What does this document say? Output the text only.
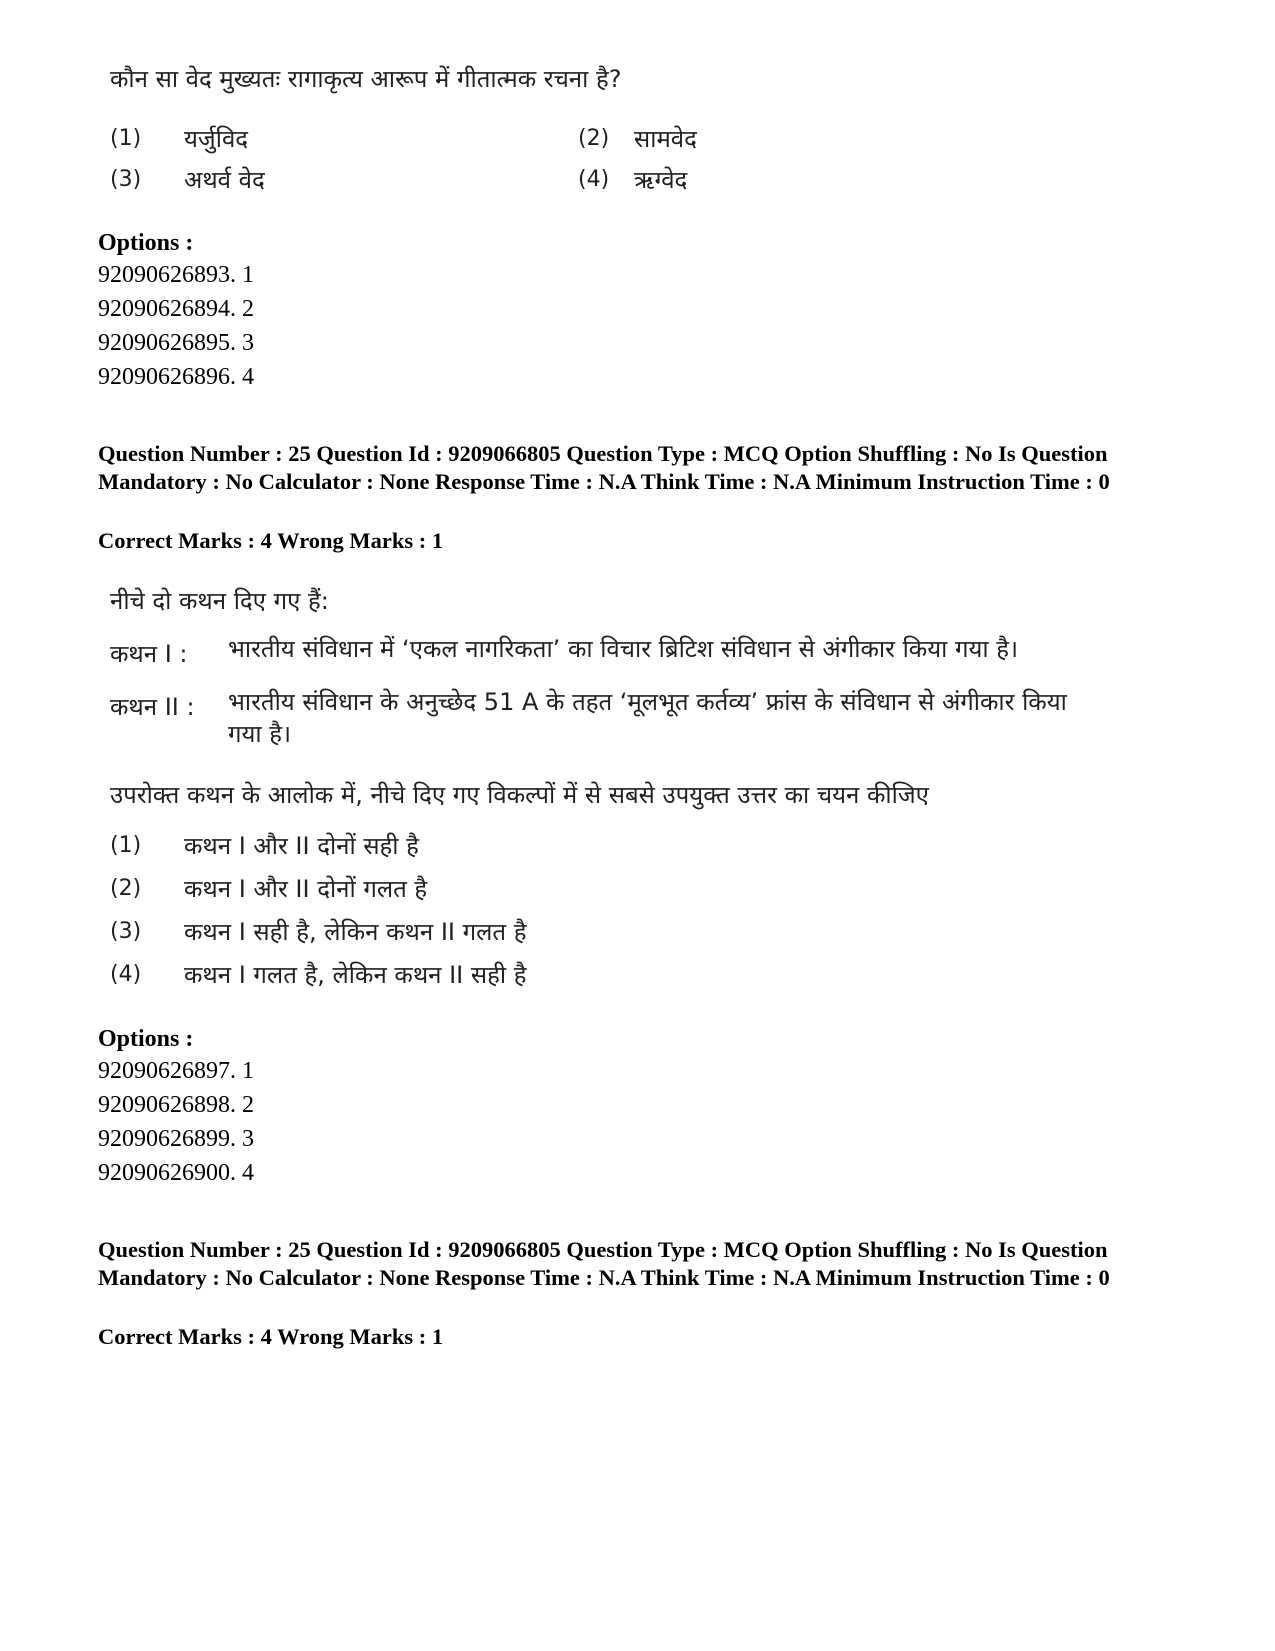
कौन सा वेद मुख्यतः रागाकृत्य आरूप में गीतात्मक रचना है?
(1) यर्जुविद	(2) सामवेद
(3) अथर्व वेद	(4) ऋग्वेद
Options :
92090626893. 1
92090626894. 2
92090626895. 3
92090626896. 4
Question Number : 25 Question Id : 9209066805 Question Type : MCQ Option Shuffling : No Is Question Mandatory : No Calculator : None Response Time : N.A Think Time : N.A Minimum Instruction Time : 0
Correct Marks : 4 Wrong Marks : 1
नीचे दो कथन दिए गए हैं:
कथन I : भारतीय संविधान में ‘एकल नागरिकता’ का विचार ब्रिटिश संविधान से अंगीकार किया गया है।
कथन II : भारतीय संविधान के अनुच्छेद 51 A के तहत ‘मूलभूत कर्तव्य’ फ्रांस के संविधान से अंगीकार किया गया है।
उपरोक्त कथन के आलोक में, नीचे दिए गए विकल्पों में से सबसे उपयुक्त उत्तर का चयन कीजिए
(1) कथन I और II दोनों सही है
(2) कथन I और II दोनों गलत है
(3) कथन I सही है, लेकिन कथन II गलत है
(4) कथन I गलत है, लेकिन कथन II सही है
Options :
92090626897. 1
92090626898. 2
92090626899. 3
92090626900. 4
Question Number : 25 Question Id : 9209066805 Question Type : MCQ Option Shuffling : No Is Question Mandatory : No Calculator : None Response Time : N.A Think Time : N.A Minimum Instruction Time : 0
Correct Marks : 4 Wrong Marks : 1
